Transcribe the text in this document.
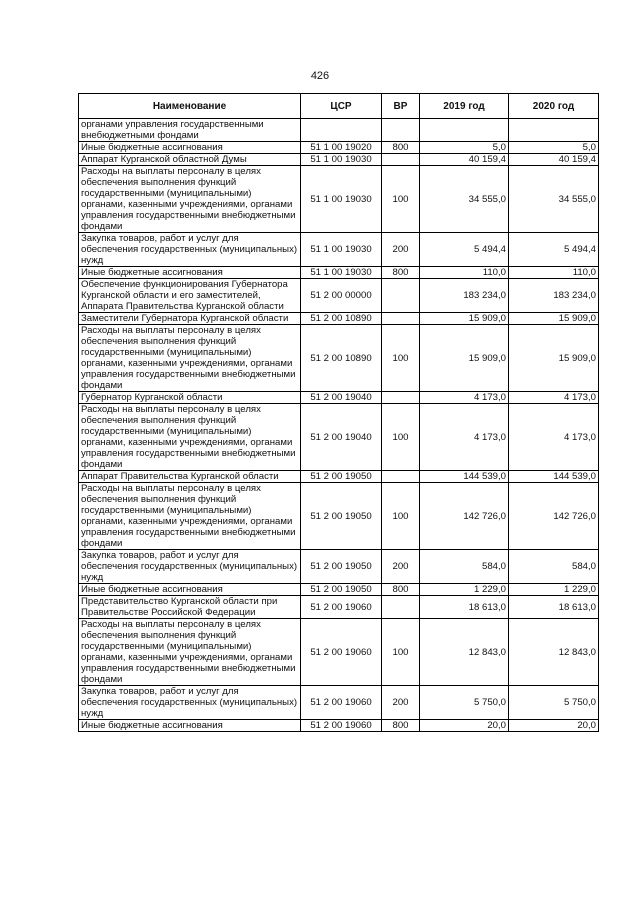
426
Наименование	ЦСР	ВР	2019 год	2020 год
органами управления государственными внебюджетными фондами				
Иные бюджетные ассигнования	51 1 00 19020	800	5,0	5,0
Аппарат Курганской областной Думы	51 1 00 19030		40 159,4	40 159,4
Расходы на выплаты персоналу в целях обеспечения выполнения функций государственными (муниципальными) органами, казенными учреждениями, органами управления государственными внебюджетными фондами	51 1 00 19030	100	34 555,0	34 555,0
Закупка товаров, работ и услуг для обеспечения государственных (муниципальных) нужд	51 1 00 19030	200	5 494,4	5 494,4
Иные бюджетные ассигнования	51 1 00 19030	800	110,0	110,0
Обеспечение функционирования Губернатора Курганской области и его заместителей, Аппарата Правительства Курганской области	51 2 00 00000		183 234,0	183 234,0
Заместители Губернатора Курганской области	51 2 00 10890		15 909,0	15 909,0
Расходы на выплаты персоналу в целях обеспечения выполнения функций государственными (муниципальными) органами, казенными учреждениями, органами управления государственными внебюджетными фондами	51 2 00 10890	100	15 909,0	15 909,0
Губернатор Курганской области	51 2 00 19040		4 173,0	4 173,0
Расходы на выплаты персоналу в целях обеспечения выполнения функций государственными (муниципальными) органами, казенными учреждениями, органами управления государственными внебюджетными фондами	51 2 00 19040	100	4 173,0	4 173,0
Аппарат Правительства Курганской области	51 2 00 19050		144 539,0	144 539,0
Расходы на выплаты персоналу в целях обеспечения выполнения функций государственными (муниципальными) органами, казенными учреждениями, органами управления государственными внебюджетными фондами	51 2 00 19050	100	142 726,0	142 726,0
Закупка товаров, работ и услуг для обеспечения государственных (муниципальных) нужд	51 2 00 19050	200	584,0	584,0
Иные бюджетные ассигнования	51 2 00 19050	800	1 229,0	1 229,0
Представительство Курганской области при Правительстве Российской Федерации	51 2 00 19060		18 613,0	18 613,0
Расходы на выплаты персоналу в целях обеспечения выполнения функций государственными (муниципальными) органами, казенными учреждениями, органами управления государственными внебюджетными фондами	51 2 00 19060	100	12 843,0	12 843,0
Закупка товаров, работ и услуг для обеспечения государственных (муниципальных) нужд	51 2 00 19060	200	5 750,0	5 750,0
Иные бюджетные ассигнования	51 2 00 19060	800	20,0	20,0
